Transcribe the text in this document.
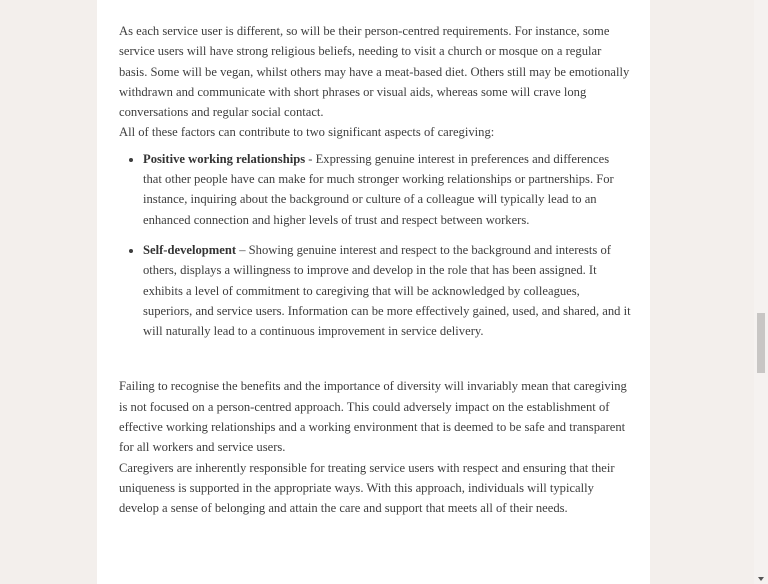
As each service user is different, so will be their person-centred requirements. For instance, some service users will have strong religious beliefs, needing to visit a church or mosque on a regular basis. Some will be vegan, whilst others may have a meat-based diet. Others still may be emotionally withdrawn and communicate with short phrases or visual aids, whereas some will crave long conversations and regular social contact.

All of these factors can contribute to two significant aspects of caregiving:

• Positive working relationships - Expressing genuine interest in preferences and differences that other people have can make for much stronger working relationships or partnerships. For instance, inquiring about the background or culture of a colleague will typically lead to an enhanced connection and higher levels of trust and respect between workers.
• Self-development – Showing genuine interest and respect to the background and interests of others, displays a willingness to improve and develop in the role that has been assigned. It exhibits a level of commitment to caregiving that will be acknowledged by colleagues, superiors, and service users. Information can be more effectively gained, used, and shared, and it will naturally lead to a continuous improvement in service delivery.

Failing to recognise the benefits and the importance of diversity will invariably mean that caregiving is not focused on a person-centred approach. This could adversely impact on the establishment of effective working relationships and a working environment that is deemed to be safe and transparent for all workers and service users.

Caregivers are inherently responsible for treating service users with respect and ensuring that their uniqueness is supported in the appropriate ways. With this approach, individuals will typically develop a sense of belonging and attain the care and support that meets all of their needs.
